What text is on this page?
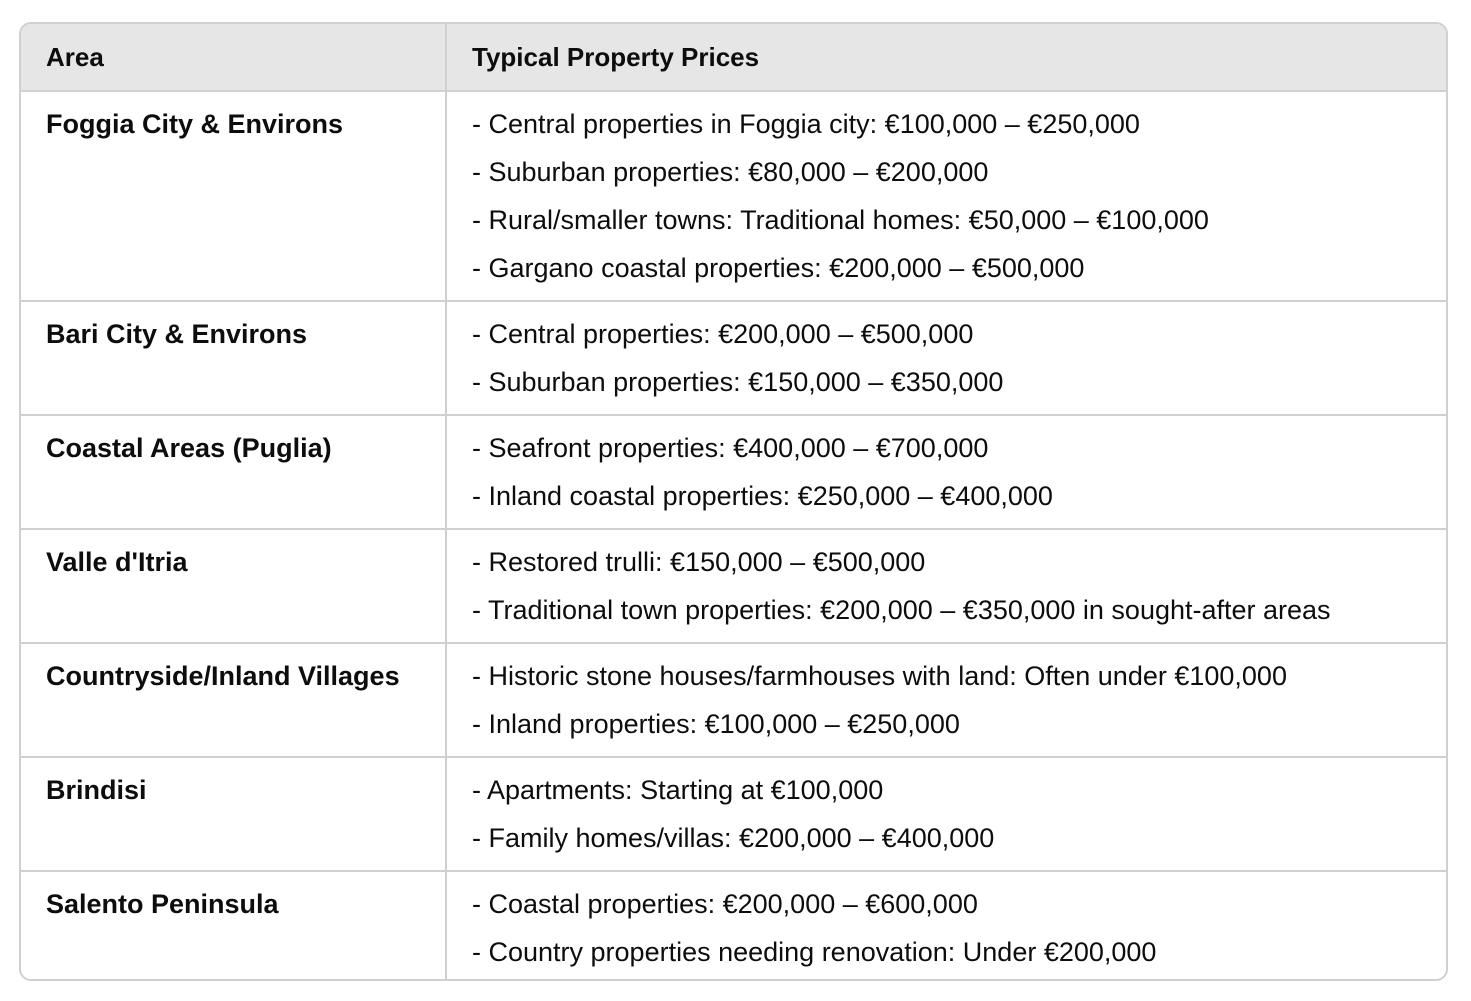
Area	Typical Property Prices

Foggia City & Environs	- Central properties in Foggia city: €100,000 – €250,000
- Suburban properties: €80,000 – €200,000
- Rural/smaller towns: Traditional homes: €50,000 – €100,000
- Gargano coastal properties: €200,000 – €500,000

Bari City & Environs	- Central properties: €200,000 – €500,000
- Suburban properties: €150,000 – €350,000

Coastal Areas (Puglia)	- Seafront properties: €400,000 – €700,000
- Inland coastal properties: €250,000 – €400,000

Valle d'Itria	- Restored trulli: €150,000 – €500,000
- Traditional town properties: €200,000 – €350,000 in sought-after areas

Countryside/Inland Villages	- Historic stone houses/farmhouses with land: Often under €100,000
- Inland properties: €100,000 – €250,000

Brindisi	- Apartments: Starting at €100,000
- Family homes/villas: €200,000 – €400,000

Salento Peninsula	- Coastal properties: €200,000 – €600,000
- Country properties needing renovation: Under €200,000
